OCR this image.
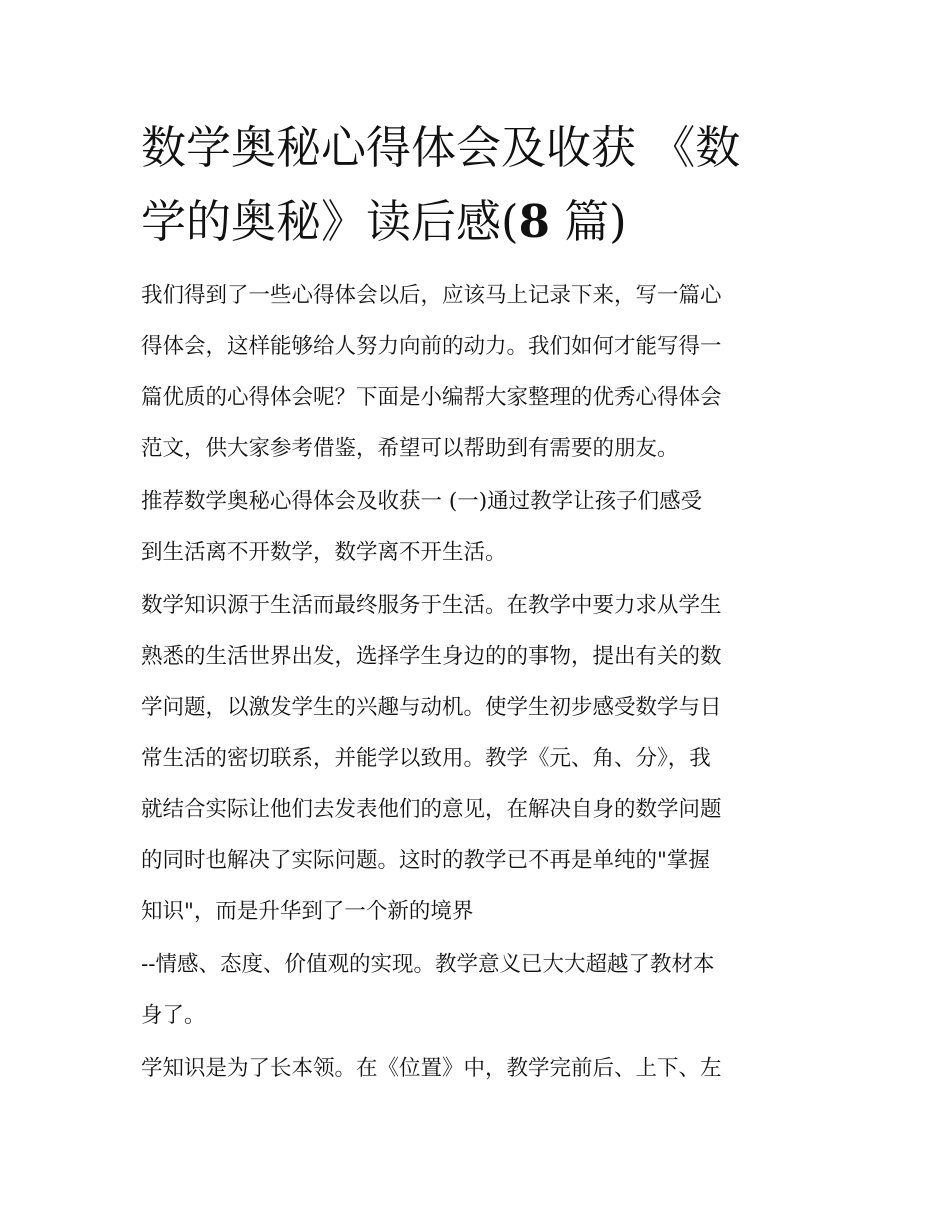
数学奥秘心得体会及收获 《数
学的奥秘》读后感(8 篇)

我们得到了一些心得体会以后，应该马上记录下来，写一篇心
得体会，这样能够给人努力向前的动力。我们如何才能写得一
篇优质的心得体会呢？下面是小编帮大家整理的优秀心得体会
范文，供大家参考借鉴，希望可以帮助到有需要的朋友。

推荐数学奥秘心得体会及收获一 (一)通过教学让孩子们感受
到生活离不开数学，数学离不开生活。

数学知识源于生活而最终服务于生活。在教学中要力求从学生
熟悉的生活世界出发，选择学生身边的的事物，提出有关的数
学问题，以激发学生的兴趣与动机。使学生初步感受数学与日
常生活的密切联系，并能学以致用。教学《元、角、分》，我
就结合实际让他们去发表他们的意见，在解决自身的数学问题
的同时也解决了实际问题。这时的教学已不再是单纯的"掌握
知识"，而是升华到了一个新的境界

--情感、态度、价值观的实现。教学意义已大大超越了教材本
身了。

学知识是为了长本领。在《位置》中，教学完前后、上下、左
